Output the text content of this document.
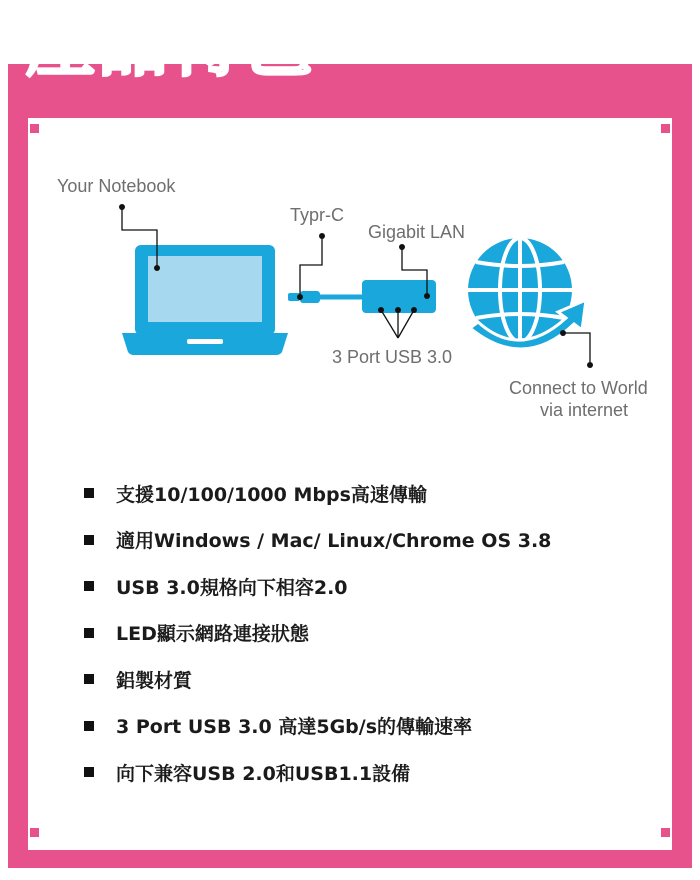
產品特色
Your Notebook
Typr-C
Gigabit LAN
3 Port USB 3.0
Connect to World
via internet
支援10/100/1000 Mbps高速傳輸
適用Windows / Mac/ Linux/Chrome OS 3.8
USB 3.0規格向下相容2.0
LED顯示網路連接狀態
鋁製材質
3 Port USB 3.0 高達5Gb/s的傳輸速率
向下兼容USB 2.0和USB1.1設備
